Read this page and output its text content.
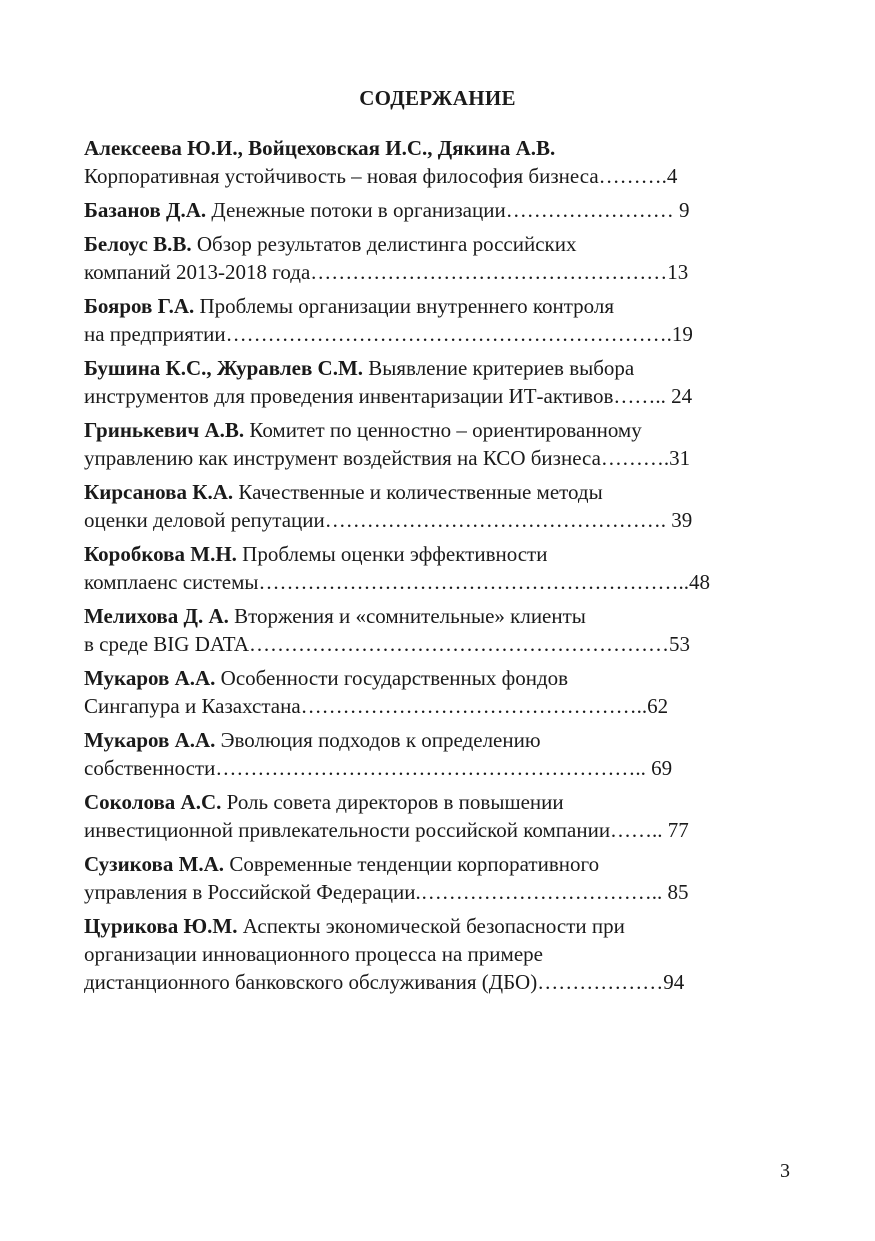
СОДЕРЖАНИЕ
Алексеева Ю.И., Войцеховская И.С., Дякина А.В.
Корпоративная устойчивость – новая философия бизнеса……….4
Базанов Д.А. Денежные потоки в организации…………………… 9
Белоус В.В. Обзор результатов делистинга российских
компаний 2013-2018 года……………………………………………13
Бояров Г.А. Проблемы организации внутреннего контроля
на предприятии……………………………………………………….19
Бушина К.С., Журавлев С.М. Выявление критериев выбора
инструментов для проведения инвентаризации ИТ-активов…….. 24
Гринькевич А.В. Комитет по ценностно – ориентированному
управлению как инструмент воздействия на КСО бизнеса……….31
Кирсанова К.А. Качественные и количественные методы
оценки деловой репутации…………………………………………. 39
Коробкова М.Н. Проблемы оценки эффективности
комплаенс системы……………………………………………………..48
Мелихова Д. А. Вторжения и «сомнительные» клиенты
в среде BIG DATA……………………………………………………53
Мукаров А.А. Особенности государственных фондов
Сингапура и Казахстана…………………………………………..62
Мукаров А.А. Эволюция подходов к определению
собственности…………………………………………………….. 69
Соколова А.С. Роль совета директоров в повышении
инвестиционной привлекательности российской компании…….. 77
Сузикова М.А. Современные тенденции корпоративного
управления в Российской Федерации.…………………………….. 85
Цурикова Ю.М. Аспекты экономической безопасности при
организации инновационного процесса на примере
дистанционного банковского обслуживания (ДБО)………………94
3
